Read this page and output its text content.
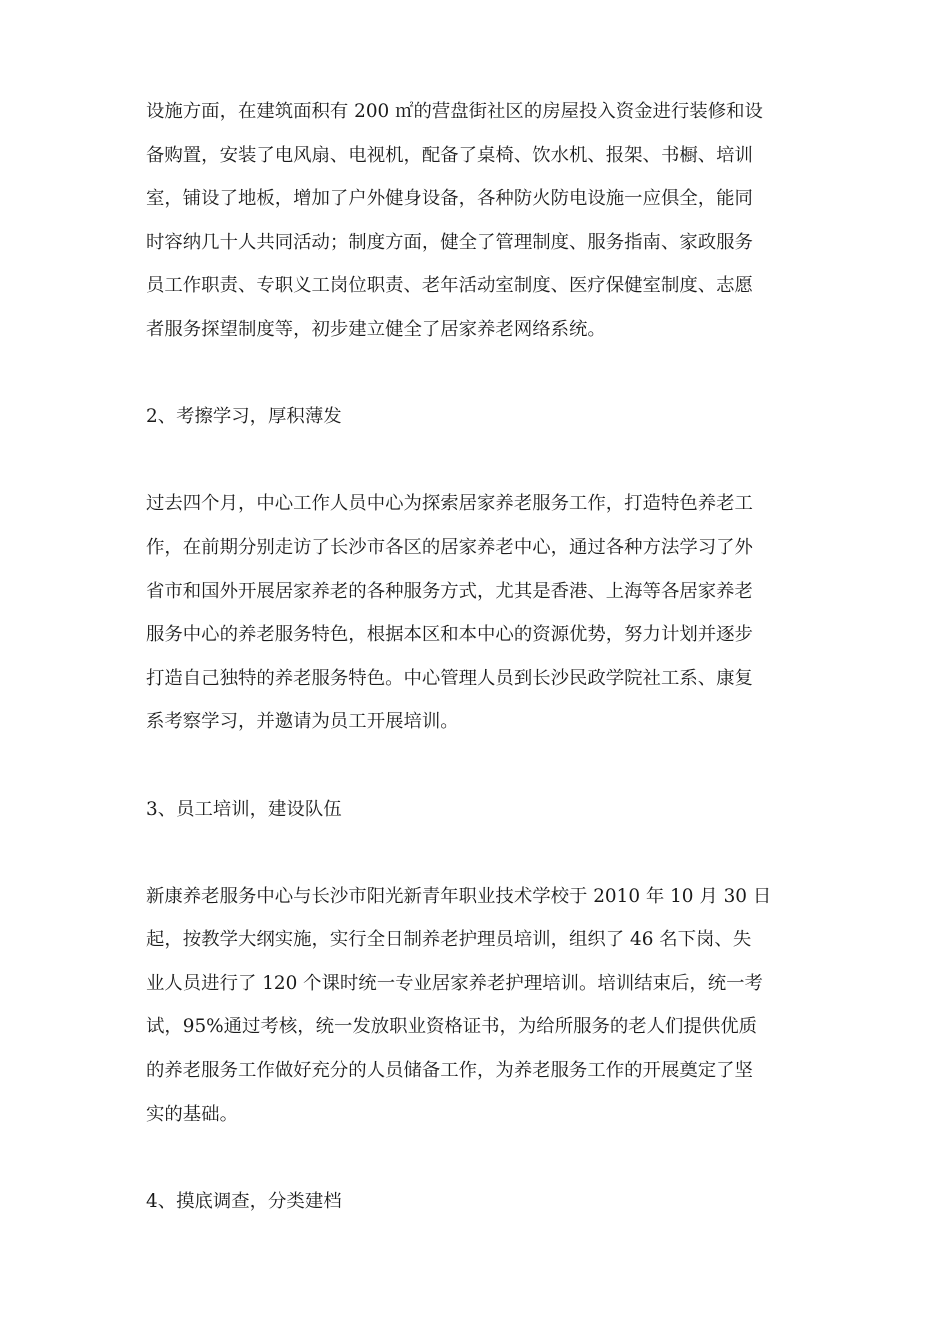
设施方面，在建筑面积有 200 ㎡的营盘街社区的房屋投入资金进行装修和设
备购置，安装了电风扇、电视机，配备了桌椅、饮水机、报架、书橱、培训
室，铺设了地板，增加了户外健身设备，各种防火防电设施一应俱全，能同
时容纳几十人共同活动；制度方面，健全了管理制度、服务指南、家政服务
员工作职责、专职义工岗位职责、老年活动室制度、医疗保健室制度、志愿
者服务探望制度等，初步建立健全了居家养老网络系统。
2、考擦学习，厚积薄发
过去四个月，中心工作人员中心为探索居家养老服务工作，打造特色养老工
作，在前期分别走访了长沙市各区的居家养老中心，通过各种方法学习了外
省市和国外开展居家养老的各种服务方式，尤其是香港、上海等各居家养老
服务中心的养老服务特色，根据本区和本中心的资源优势，努力计划并逐步
打造自己独特的养老服务特色。中心管理人员到长沙民政学院社工系、康复
系考察学习，并邀请为员工开展培训。
3、员工培训，建设队伍
新康养老服务中心与长沙市阳光新青年职业技术学校于 2010 年 10 月 30 日
起，按教学大纲实施，实行全日制养老护理员培训，组织了 46 名下岗、失
业人员进行了 120 个课时统一专业居家养老护理培训。培训结束后，统一考
试，95%通过考核，统一发放职业资格证书，为给所服务的老人们提供优质
的养老服务工作做好充分的人员储备工作，为养老服务工作的开展奠定了坚
实的基础。
4、摸底调查，分类建档
